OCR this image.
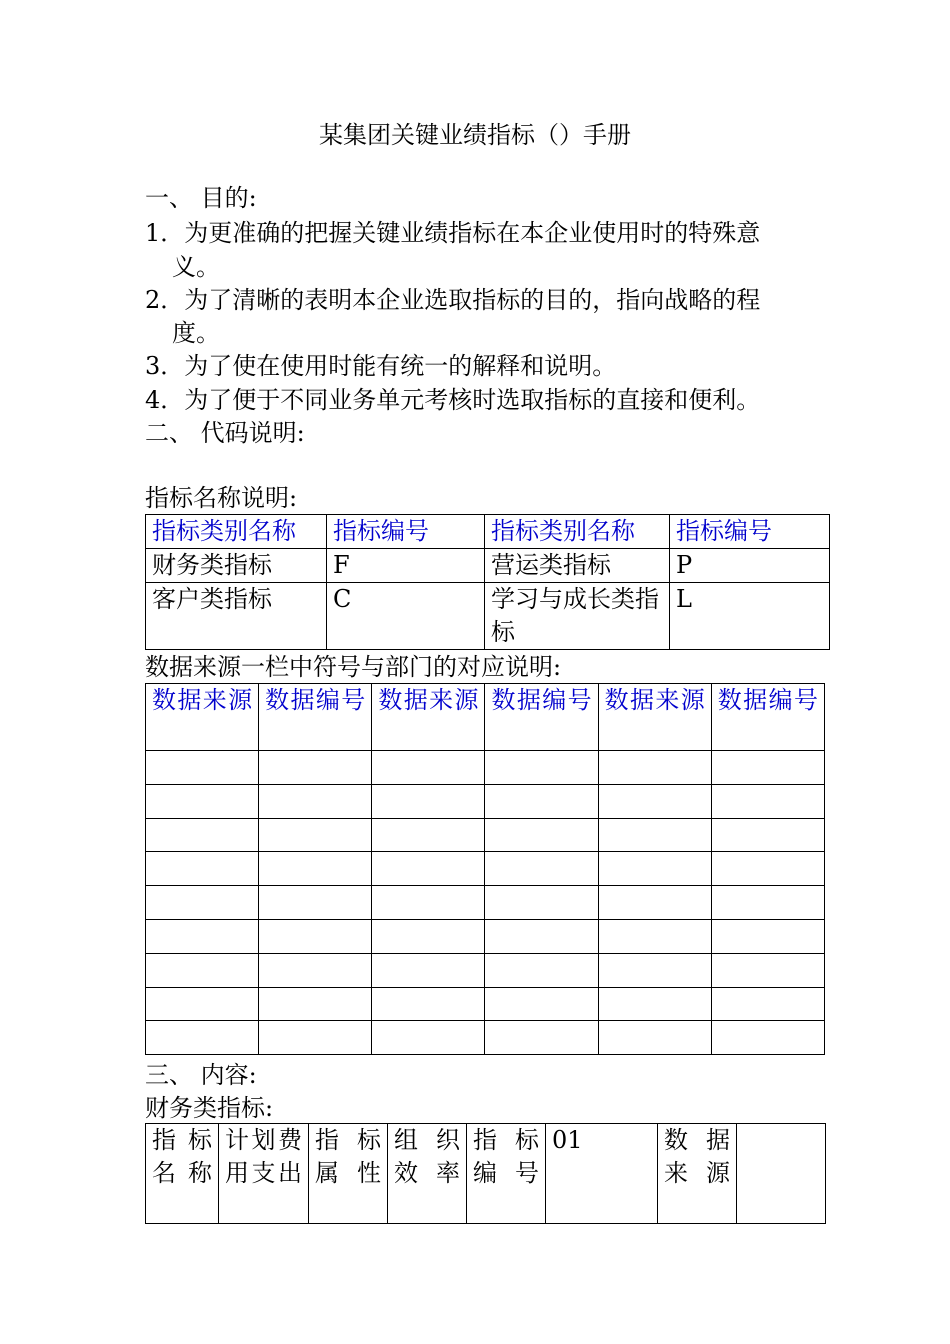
某集团关键业绩指标（）手册
一、 目的:
1．为更准确的把握关键业绩指标在本企业使用时的特殊意
义。
2．为了清晰的表明本企业选取指标的目的，指向战略的程
度。
3．为了使在使用时能有统一的解释和说明。
4．为了便于不同业务单元考核时选取指标的直接和便利。
二、 代码说明:
指标名称说明:
指标类别名称	指标编号	指标类别名称	指标编号
财务类指标	F	营运类指标	P
客户类指标	C	学习与成长类指标	L
数据来源一栏中符号与部门的对应说明:
数据来源	数据编号	数据来源	数据编号	数据来源	数据编号

三、 内容:
财务类指标:
指标名称	计划费用支出	指标属性	组织效率	指标编号	01	数据来源	
